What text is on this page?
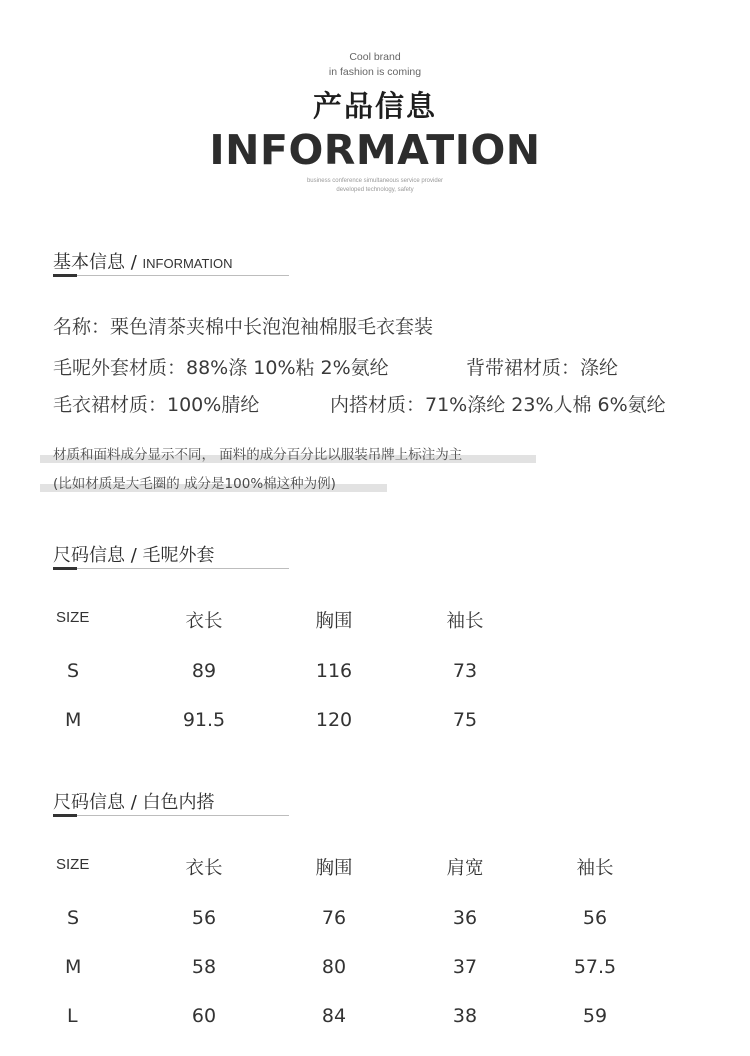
Cool brand
in fashion is coming
产品信息
INFORMATION
business conference simultaneous service provider
developed technology, safety
基本信息 / INFORMATION
名称：栗色清茶夹棉中长泡泡袖棉服毛衣套装
毛呢外套材质：88%涤 10%粘 2%氨纶	背带裙材质：涤纶
毛衣裙材质：100%腈纶	内搭材质：71%涤纶 23%人棉 6%氨纶
材质和面料成分显示不同， 面料的成分百分比以服装吊牌上标注为主
(比如材质是大毛圈的 成分是100%棉这种为例)
尺码信息 / 毛呢外套
SIZE	衣长	胸围	袖长
S	89	116	73
M	91.5	120	75
尺码信息 / 白色内搭
SIZE	衣长	胸围	肩宽	袖长
S	56	76	36	56
M	58	80	37	57.5
L	60	84	38	59
